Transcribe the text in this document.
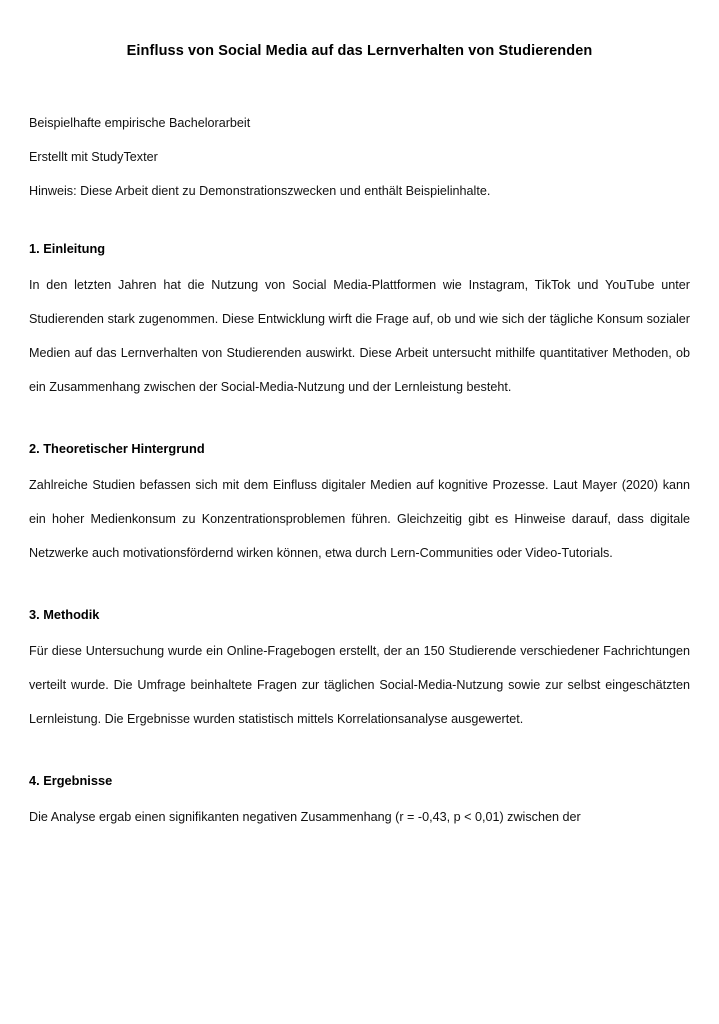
Einfluss von Social Media auf das Lernverhalten von Studierenden
Beispielhafte empirische Bachelorarbeit
Erstellt mit StudyTexter
Hinweis: Diese Arbeit dient zu Demonstrationszwecken und enthält Beispielinhalte.
1. Einleitung

In den letzten Jahren hat die Nutzung von Social Media-Plattformen wie Instagram, TikTok und YouTube unter Studierenden stark zugenommen. Diese Entwicklung wirft die Frage auf, ob und wie sich der tägliche Konsum sozialer Medien auf das Lernverhalten von Studierenden auswirkt. Diese Arbeit untersucht mithilfe quantitativer Methoden, ob ein Zusammenhang zwischen der Social-Media-Nutzung und der Lernleistung besteht.

2. Theoretischer Hintergrund

Zahlreiche Studien befassen sich mit dem Einfluss digitaler Medien auf kognitive Prozesse. Laut Mayer (2020) kann ein hoher Medienkonsum zu Konzentrationsproblemen führen. Gleichzeitig gibt es Hinweise darauf, dass digitale Netzwerke auch motivationsfördernd wirken können, etwa durch Lern-Communities oder Video-Tutorials.

3. Methodik

Für diese Untersuchung wurde ein Online-Fragebogen erstellt, der an 150 Studierende verschiedener Fachrichtungen verteilt wurde. Die Umfrage beinhaltete Fragen zur täglichen Social-Media-Nutzung sowie zur selbst eingeschätzten Lernleistung. Die Ergebnisse wurden statistisch mittels Korrelationsanalyse ausgewertet.

4. Ergebnisse

Die Analyse ergab einen signifikanten negativen Zusammenhang (r = -0,43, p < 0,01) zwischen der
